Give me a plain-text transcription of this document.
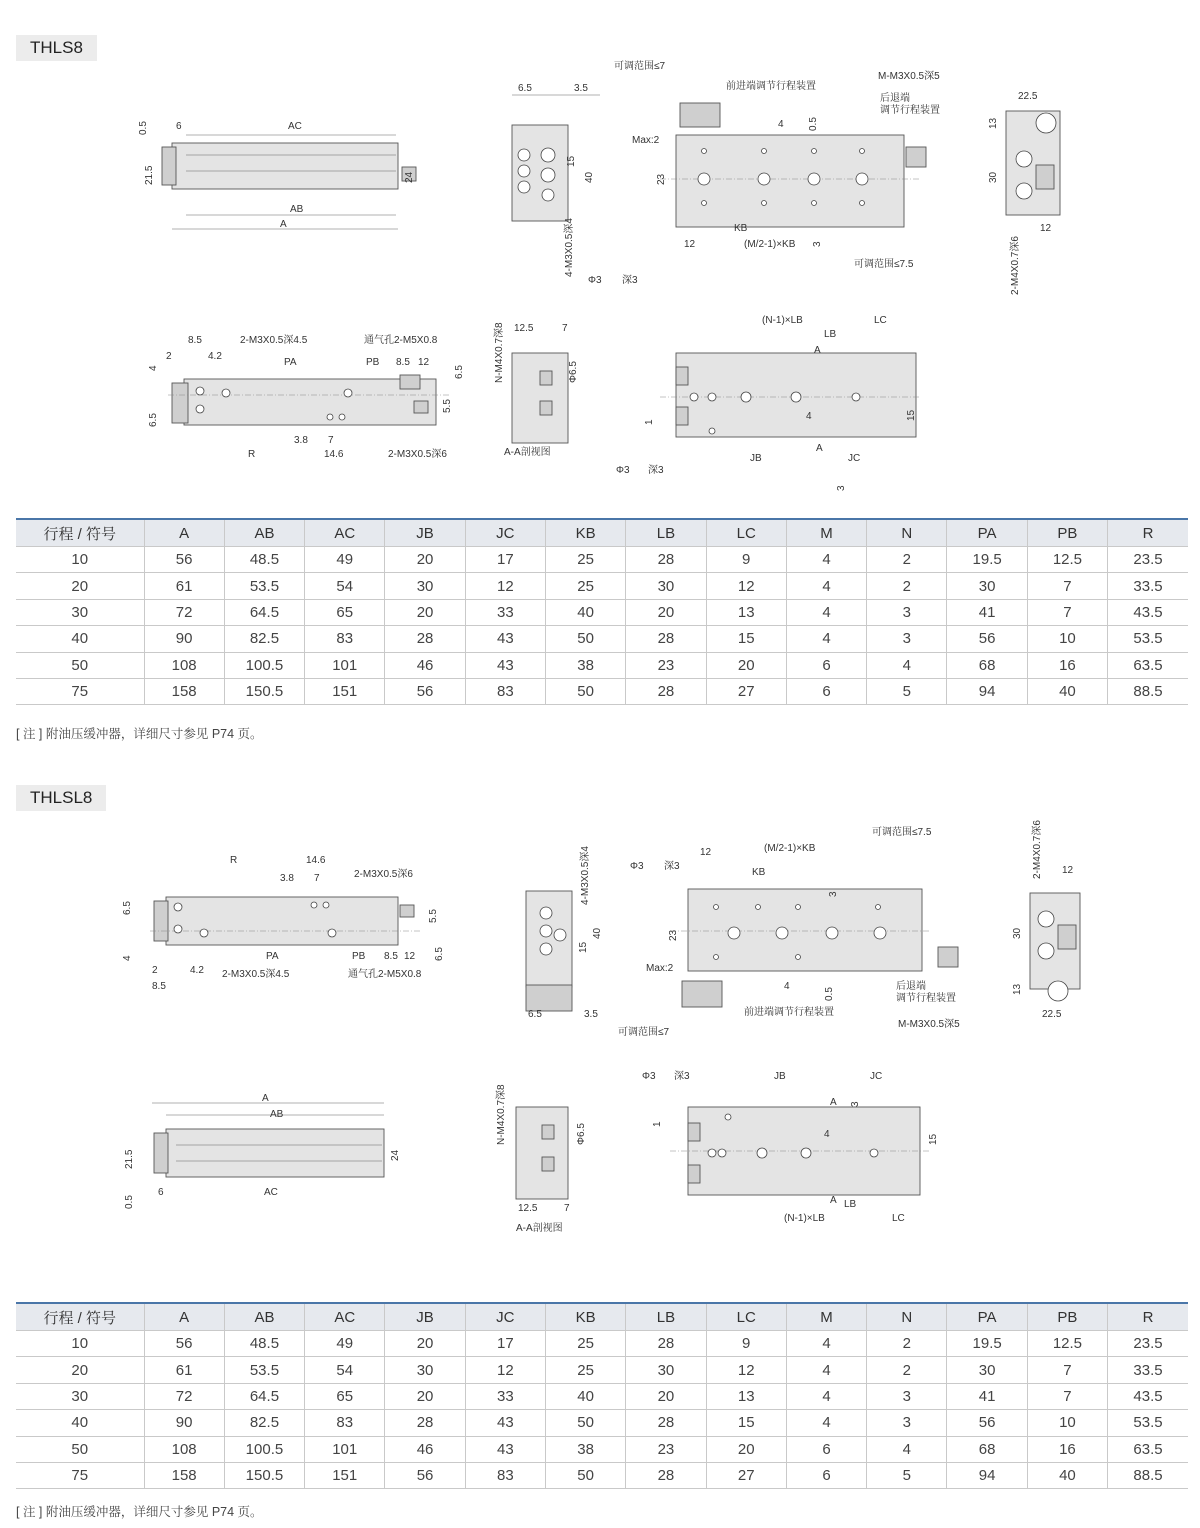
THLS8
0.5	6	AC
21.5	24
AB
A
6.5	3.5
15
40
4-M3X0.5深4
可调范围≤7
前进端调节行程装置
M-M3X0.5深5
后退端
调节行程装置
Max:2
4 0.5
23
KB
12	(M/2-1)×KB 3
可调范围≤7.5
Φ3 深3
22.5
13
30
12
2-M4X0.7深6
8.5	2-M3X0.5深4.5	通气孔2-M5X0.8
2	4.2
PA	PB 8.5 12
4
6.5
5.5
6.5
3.8 7
R	14.6	2-M3X0.5深6
N-M4X0.7深8 12.5	7
Φ6.5
A-A剖视图
(N-1)×LB
LB
LC
A
15
1
4
JB
A
JC
Φ3 深3
3
行程 / 符号	A	AB	AC	JB	JC	KB	LB	LC	M	N	PA	PB	R
10	56	48.5	49	20	17	25	28	9	4	2	19.5	12.5	23.5
20	61	53.5	54	30	12	25	30	12	4	2	30	7	33.5
30	72	64.5	65	20	33	40	20	13	4	3	41	7	43.5
40	90	82.5	83	28	43	50	28	15	4	3	56	10	53.5
50	108	100.5	101	46	43	38	23	20	6	4	68	16	63.5
75	158	150.5	151	56	83	50	28	27	6	5	94	40	88.5
[ 注 ] 附油压缓冲器，详细尺寸参见 P74 页。
THLSL8
R	14.6
3.8 7	2-M3X0.5深6
6.5
5.5
4	PA	PB 8.5 12 6.5
2	4.2 2-M3X0.5深4.5	通气孔2-M5X0.8
8.5
4-M3X0.5深4
40
15
6.5	3.5
可调范围≤7.5
12	(M/2-1)×KB
Φ3 深3
KB
3
23
Max:2
4
0.5
后退端
调节行程装置
前进端调节行程装置
M-M3X0.5深5
可调范围≤7
2-M4X0.7深6 12
30
13
22.5
A
AB
21.5	24
0.5
6	AC
N-M4X0.7深8	Φ6.5
12.5	7
A-A剖视图
Φ3 深3	JB
3
JC
1
A
4	15
A LB
(N-1)×LB	LC
行程 / 符号	A	AB	AC	JB	JC	KB	LB	LC	M	N	PA	PB	R
10	56	48.5	49	20	17	25	28	9	4	2	19.5	12.5	23.5
20	61	53.5	54	30	12	25	30	12	4	2	30	7	33.5
30	72	64.5	65	20	33	40	20	13	4	3	41	7	43.5
40	90	82.5	83	28	43	50	28	15	4	3	56	10	53.5
50	108	100.5	101	46	43	38	23	20	6	4	68	16	63.5
75	158	150.5	151	56	83	50	28	27	6	5	94	40	88.5
[ 注 ] 附油压缓冲器，详细尺寸参见 P74 页。
